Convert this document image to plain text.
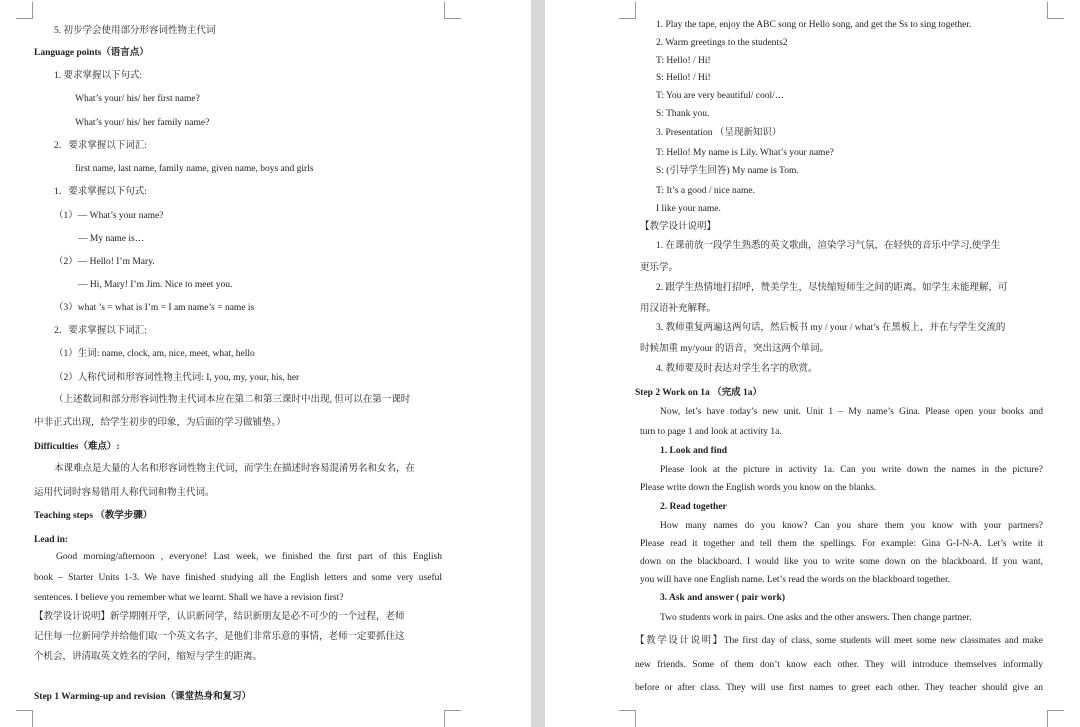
5. 初步学会使用部分形容词性物主代词
Language points（语言点）
1. 要求掌握以下句式:
What’s your/ his/ her first name?
What’s your/ his/ her family name?
2．要求掌握以下词汇:
first name, last name, family name, given name, boys and girls
1．要求掌握以下句式:
（1）— What’s your name?
— My name is…
（2）— Hello! I’m Mary.
— Hi, Mary! I’m Jim. Nice to meet you.
（3）what ’s = what is I’m = I am name’s = name is
2．要求掌握以下词汇:
（1）生词: name, clock, am, nice, meet, what, hello
（2）人称代词和形容词性物主代词: I, you, my, your, his, her
（上述数词和部分形容词性物主代词本应在第二和第三课时中出现, 但可以在第一课时
中非正式出现，给学生初步的印象，为后面的学习做铺垫。）
Difficulties（难点）:
本课难点是大量的人名和形容词性物主代词，而学生在描述时容易混淆男名和女名，在
运用代词时容易错用人称代词和物主代词。
Teaching steps （教学步骤）
Lead in:
Good morning/afternoon , everyone! Last week, we finished the first part of this English
book – Starter Units 1-3. We have finished studying all the English letters and some very useful
sentences. I believe you remember what we learnt. Shall we have a revision first?
【教学设计说明】新学期刚开学，认识新同学，结识新朋友是必不可少的一个过程，老师
记住每一位新同学并给他们取一个英文名字，是他们非常乐意的事情，老师一定要抓住这
个机会，讲清取英文姓名的学问，缩短与学生的距离。
Step 1 Warming-up and revision（课堂热身和复习）
1. Play the tape, enjoy the ABC song or Hello song, and get the Ss to sing together.
2. Warm greetings to the students2
T: Hello! / Hi!
S: Hello! / Hi!
T: You are very beautiful/ cool/…
S: Thank you.
3. Presentation （呈现新知识）
T: Hello! My name is Lily. What’s your name?
S: (引导学生回答) My name is Tom.
T: It’s a good / nice name.
I like your name.
【教学设计说明】
1. 在课前放一段学生熟悉的英文歌曲，渲染学习气氛，在轻快的音乐中学习,使学生
更乐学。
2. 跟学生热情地打招呼，赞美学生，尽快缩短师生之间的距离。如学生未能理解，可
用汉语补充解释。
3. 教师重复两遍这两句话，然后板书 my / your / what’s 在黑板上，并在与学生交流的
时候加重 my/your 的语音，突出这两个单词。
4. 教师要及时表达对学生名字的欣赏。
Step 2 Work on 1a （完成 1a）
Now, let’s have today’s new unit. Unit 1 – My name’s Gina. Please open your books and
turn to page 1 and look at activity 1a.
1. Look and find
Please look at the picture in activity 1a. Can you write down the names in the picture?
Please write down the English words you know on the blanks.
2. Read together
How many names do you know? Can you share them you know with your partners?
Please read it together and tell them the spellings. For example: Gina G-I-N-A. Let’s write it
down on the blackboard. I would like you to write some down on the blackboard. If you want,
you will have one English name. Let’s read the words on the blackboard together.
3. Ask and answer ( pair work)
Two students work in pairs. One asks and the other answers. Then change partner.
【教学设计说明】The first day of class, some students will meet some new classmates and make
new friends. Some of them don’t know each other. They will introduce themselves informally
before or after class. They will use first names to greet each other. They teacher should give an
